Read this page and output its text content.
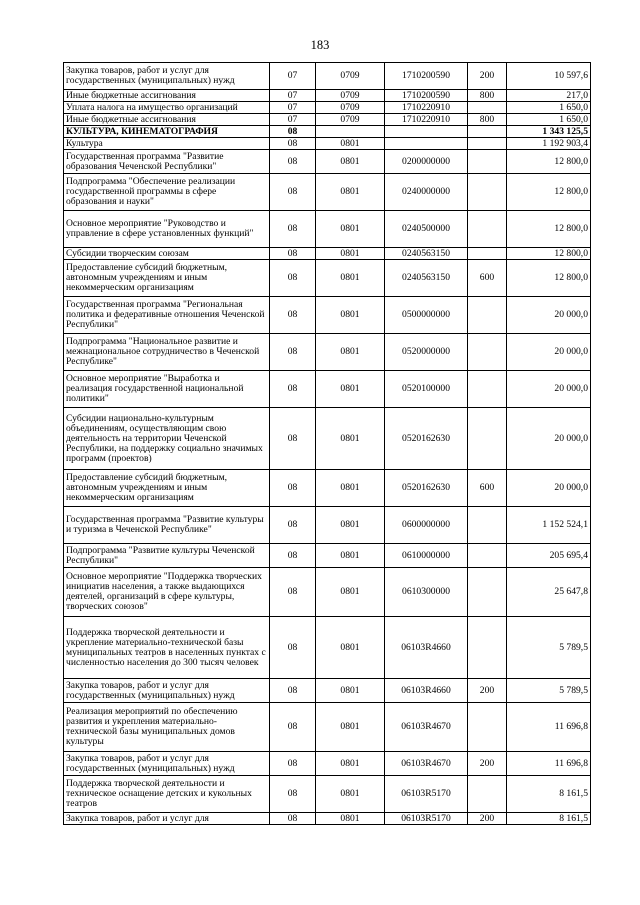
183
Закупка товаров, работ и услуг для государственных (муниципальных) нужд	07	0709	1710200590	200	10 597,6
Иные бюджетные ассигнования	07	0709	1710200590	800	217,0
Уплата налога на имущество организаций	07	0709	1710220910		1 650,0
Иные бюджетные ассигнования	07	0709	1710220910	800	1 650,0
КУЛЬТУРА, КИНЕМАТОГРАФИЯ	08				1 343 125,5
Культура	08	0801			1 192 903,4
Государственная программа "Развитие образования Чеченской Республики"	08	0801	0200000000		12 800,0
Подпрограмма "Обеспечение реализации государственной программы в сфере образования и науки"	08	0801	0240000000		12 800,0
Основное мероприятие "Руководство и управление в сфере установленных функций"	08	0801	0240500000		12 800,0
Субсидии творческим союзам	08	0801	0240563150		12 800,0
Предоставление субсидий бюджетным, автономным учреждениям и иным некоммерческим организациям	08	0801	0240563150	600	12 800,0
Государственная программа "Региональная политика и федеративные отношения Чеченской Республики"	08	0801	0500000000		20 000,0
Подпрограмма "Национальное развитие и межнациональное сотрудничество в Чеченской Республике"	08	0801	0520000000		20 000,0
Основное мероприятие "Выработка и реализация государственной национальной политики"	08	0801	0520100000		20 000,0
Субсидии национально-культурным объединениям, осуществляющим свою деятельность на территории Чеченской Республики, на поддержку социально значимых программ (проектов)	08	0801	0520162630		20 000,0
Предоставление субсидий бюджетным, автономным учреждениям и иным некоммерческим организациям	08	0801	0520162630	600	20 000,0
Государственная программа "Развитие культуры и туризма в Чеченской Республике"	08	0801	0600000000		1 152 524,1
Подпрограмма "Развитие культуры Чеченской Республики"	08	0801	0610000000		205 695,4
Основное мероприятие "Поддержка творческих инициатив населения, а также выдающихся деятелей, организаций в сфере культуры, творческих союзов"	08	0801	0610300000		25 647,8
Поддержка творческой деятельности и укрепление материально-технической базы муниципальных театров в населенных пунктах с численностью населения до 300 тысяч человек	08	0801	06103R4660		5 789,5
Закупка товаров, работ и услуг для государственных (муниципальных) нужд	08	0801	06103R4660	200	5 789,5
Реализация мероприятий по обеспечению развития и укрепления материально-технической базы муниципальных домов культуры	08	0801	06103R4670		11 696,8
Закупка товаров, работ и услуг для государственных (муниципальных) нужд	08	0801	06103R4670	200	11 696,8
Поддержка творческой деятельности и техническое оснащение детских и кукольных театров	08	0801	06103R5170		8 161,5
Закупка товаров, работ и услуг для	08	0801	06103R5170	200	8 161,5
